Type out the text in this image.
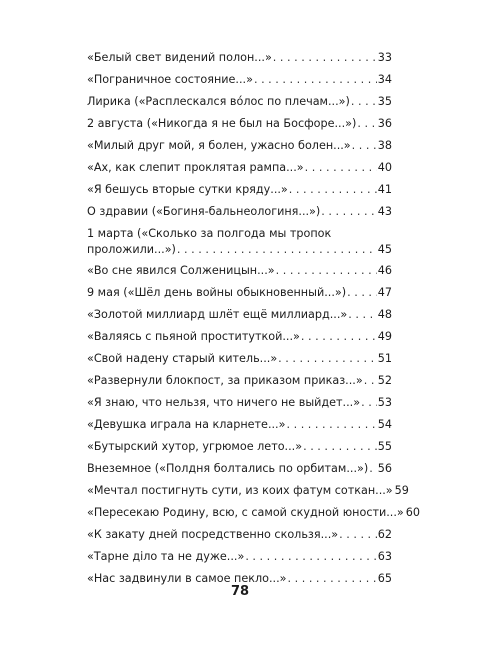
«Белый свет видений полон...» . . .	33
«Пограничное состояние...» . . .	34
Лирика («Расплескался вóлос по плечам...») . . . 35
2 августа («Никогда я не был на Босфоре...») . . . 36
«Милый друг мой, я болен, ужасно болен...» . . . 38
«Ах, как слепит проклятая рампа...» . . .	40
«Я бешусь вторые сутки кряду...» . . .	41
О здравии («Богиня-бальнеологиня...») . . .	43
1 марта («Сколько за полгода мы тропок
проложили...») . . .	45
«Во сне явился Солженицын...» . . .	46
9 мая («Шёл день войны обыкновенный...») . . .	47
«Золотой миллиард шлёт ещё миллиард...» . . .	48
«Валяясь с пьяной проституткой...» . . .	49
«Свой надену старый китель...» . . .	51
«Развернули блокпост, за приказом приказ...» . . . 52
«Я знаю, что нельзя, что ничего не выйдет...» . . . 53
«Девушка играла на кларнете...» . . .	54
«Бутырский хутор, угрюмое лето...» . . .	55
Внеземное («Полдня болтались по орбитам...») . . . 56
«Мечтал постигнуть сути, из коих фатум соткан...» 59
«Пересекаю Родину, всю, с самой скудной юности...» 60
«К закату дней посредственно скользя...» . . .	62
«Тарне діло та не дуже...» . . .	63
«Нас задвинули в самое пекло...» . . .	65
78
